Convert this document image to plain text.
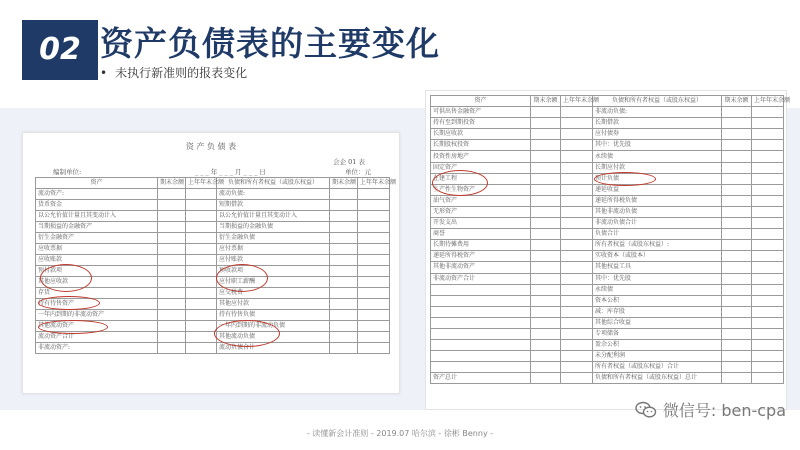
02 资产负债表的主要变化
• 未执行新准则的报表变化
资 产 负 债 表
会企 01 表
编制单位:	___年___月___日	单位：元
资产	期末余额	上年年末余额	负债和所有者权益（或股东权益）	期末余额	上年年末余额
流动资产:			流动负债:		
货币资金			短期借款		
以公允价值计量且其变动计入			以公允价值计量且其变动计入		
当期损益的金融资产			当期损益的金融负债		
衍生金融资产			衍生金融负债		
应收票据			应付票据		
应收账款			应付账款		
预付款项			预收款项		
其他应收款			应付职工薪酬		
存货			应交税费		
持有待售资产			其他应付款		
一年内到期的非流动资产			持有待售负债		
其他流动资产			一年内到期的非流动负债		
流动资产合计			其他流动负债		
非流动资产:			流动负债合计		
资产	期末余额	上年年末余额	负债和所有者权益（或股东权益）	期末余额	上年年末余额
可供出售金融资产			非流动负债:		
持有至到期投资			长期借款		
长期应收款			应付债券		
长期股权投资			其中：优先股		
投资性房地产			永续债		
固定资产			长期应付款		
在建工程			预计负债		
生产性生物资产			递延收益		
油气资产			递延所得税负债		
无形资产			其他非流动负债		
开发支出			非流动负债合计		
商誉			负债合计		
长期待摊费用			所有者权益（或股东权益）:		
递延所得税资产			实收资本（或股本）		
其他非流动资产			其他权益工具		
非流动资产合计			其中：优先股		
			永续债		
			资本公积		
			减：库存股		
			其他综合收益		
			专项储备		
			盈余公积		
			未分配利润		
			所有者权益（或股东权益）合计		
资产总计			负债和所有者权益（或股东权益）总计		
微信号: ben-cpa
- 读懂新会计准则 - 2019.07 哈尔滨 - 徐彬 Benny -
